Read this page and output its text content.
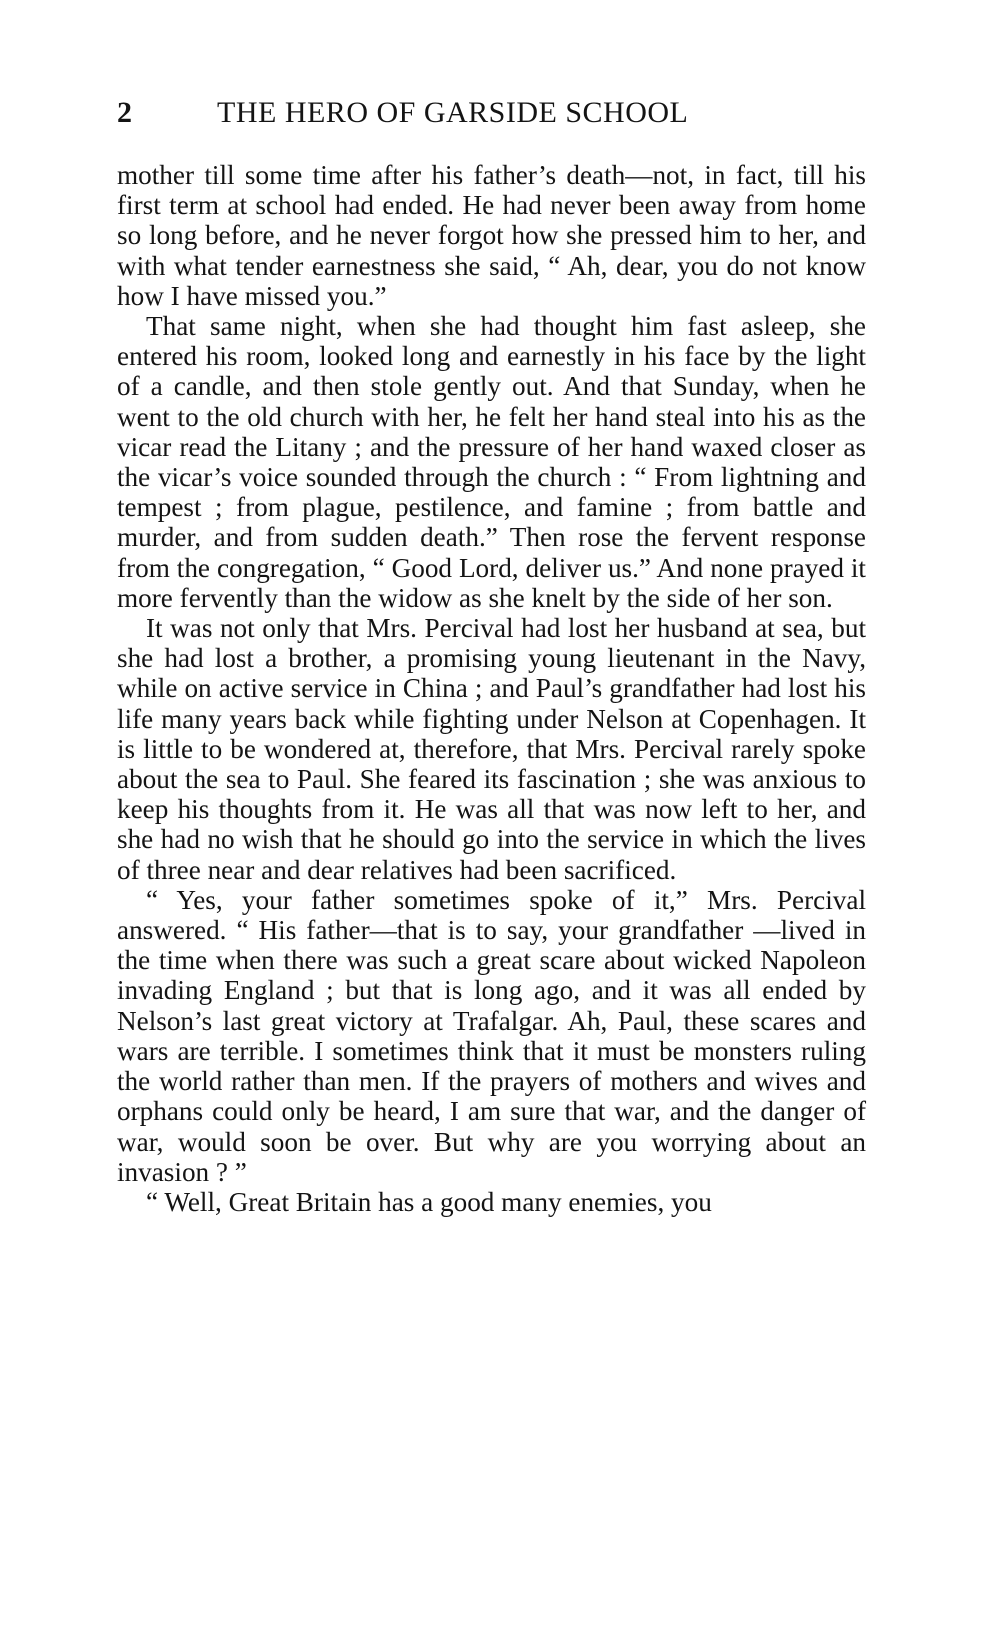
2	THE HERO OF GARSIDE SCHOOL

mother till some time after his father’s death—not, in fact, till his first term at school had ended. He had never been away from home so long before, and he never forgot how she pressed him to her, and with what tender earnestness she said, “ Ah, dear, you do not know how I have missed you.”

That same night, when she had thought him fast asleep, she entered his room, looked long and earnestly in his face by the light of a candle, and then stole gently out. And that Sunday, when he went to the old church with her, he felt her hand steal into his as the vicar read the Litany ; and the pressure of her hand waxed closer as the vicar’s voice sounded through the church : “ From lightning and tempest ; from plague, pestilence, and famine ; from battle and murder, and from sudden death.” Then rose the fervent response from the congregation, “ Good Lord, deliver us.” And none prayed it more fervently than the widow as she knelt by the side of her son.

It was not only that Mrs. Percival had lost her husband at sea, but she had lost a brother, a promising young lieutenant in the Navy, while on active service in China ; and Paul’s grandfather had lost his life many years back while fighting under Nelson at Copenhagen. It is little to be wondered at, therefore, that Mrs. Percival rarely spoke about the sea to Paul. She feared its fascination ; she was anxious to keep his thoughts from it. He was all that was now left to her, and she had no wish that he should go into the service in which the lives of three near and dear relatives had been sacrificed.

“ Yes, your father sometimes spoke of it,” Mrs. Percival answered. “ His father—that is to say, your grandfather —lived in the time when there was such a great scare about wicked Napoleon invading England ; but that is long ago, and it was all ended by Nelson’s last great victory at Trafalgar. Ah, Paul, these scares and wars are terrible. I sometimes think that it must be monsters ruling the world rather than men. If the prayers of mothers and wives and orphans could only be heard, I am sure that war, and the danger of war, would soon be over. But why are you worrying about an invasion ? ”

“ Well, Great Britain has a good many enemies, you
